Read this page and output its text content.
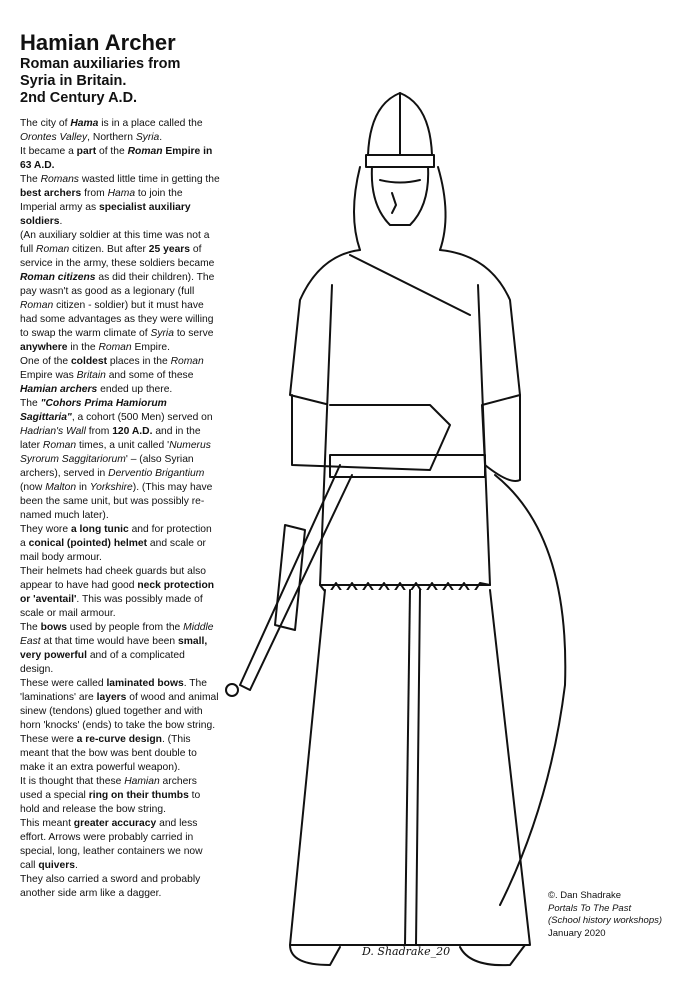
Hamian Archer
Roman auxiliaries from
Syria in Britain.
2nd Century A.D.

The city of Hama is in a place called the Orontes Valley, Northern Syria.

It became a part of the Roman Empire in 63 A.D.

The Romans wasted little time in getting the best archers from Hama to join the Imperial army as specialist auxiliary soldiers.

(An auxiliary soldier at this time was not a full Roman citizen. But after 25 years of service in the army, these soldiers became Roman citizens as did their children). The pay wasn't as good as a legionary (full Roman citizen - soldier) but it must have had some advantages as they were willing to swap the warm climate of Syria to serve anywhere in the Roman Empire.

One of the coldest places in the Roman Empire was Britain and some of these Hamian archers ended up there.

The "Cohors Prima Hamiorum Sagittaria", a cohort (500 Men) served on Hadrian's Wall from 120 A.D. and in the later Roman times, a unit called 'Numerus Syrorum Saggitariorum' – (also Syrian archers), served in Derventio Brigantium (now Malton in Yorkshire). (This may have been the same unit, but was possibly re-named much later).

They wore a long tunic and for protection a conical (pointed) helmet and scale or mail body armour.

Their helmets had cheek guards but also appear to have had good neck protection or 'aventail'. This was possibly made of scale or mail armour.

The bows used by people from the Middle East at that time would have been small, very powerful and of a complicated design.

These were called laminated bows. The 'laminations' are layers of wood and animal sinew (tendons) glued together and with horn 'knocks' (ends) to take the bow string.

These were a re-curve design. (This meant that the bow was bent double to make it an extra powerful weapon).

It is thought that these Hamian archers used a special ring on their thumbs to hold and release the bow string.

This meant greater accuracy and less effort. Arrows were probably carried in special, long, leather containers we now call quivers.

They also carried a sword and probably another side arm like a dagger.

D. Shadrake_20

©. Dan Shadrake

Portals To The Past

(School history workshops)

January 2020
